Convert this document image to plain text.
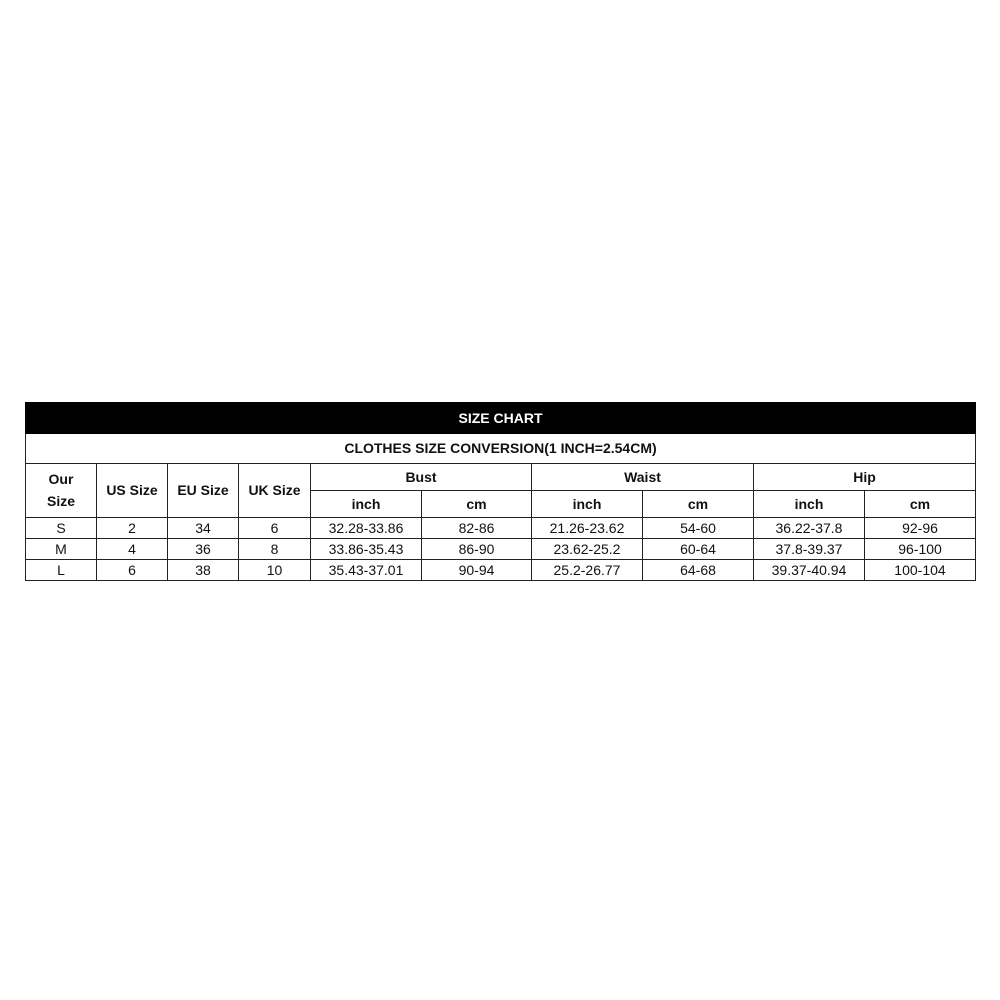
SIZE CHART									
CLOTHES SIZE CONVERSION(1 INCH=2.54CM)									
Our
Size	US Size	EU Size	UK Size	Bust		Waist		Hip	
				inch	cm	inch	cm	inch	cm
S	2	34	6	32.28-33.86	82-86	21.26-23.62	54-60	36.22-37.8	92-96
M	4	36	8	33.86-35.43	86-90	23.62-25.2	60-64	37.8-39.37	96-100
L	6	38	10	35.43-37.01	90-94	25.2-26.77	64-68	39.37-40.94	100-104
